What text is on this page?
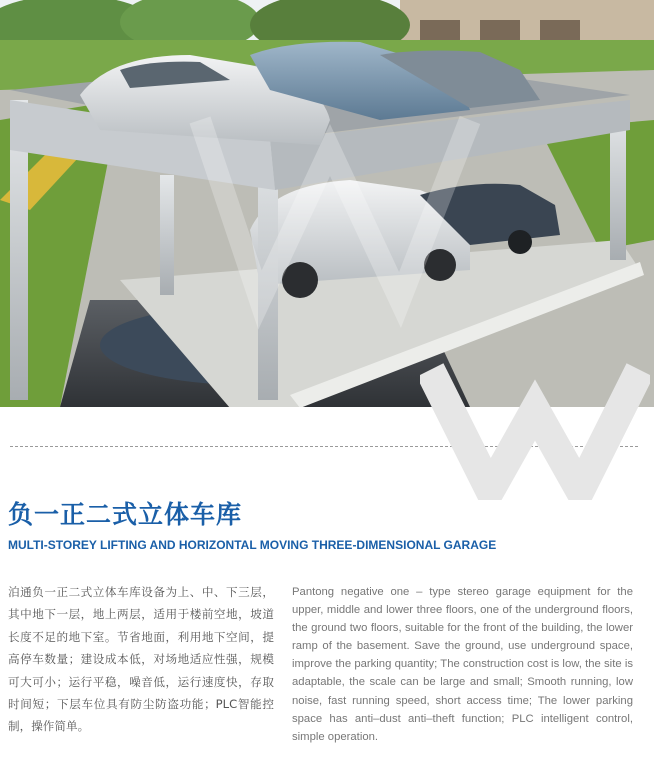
负一正二式立体车库
MULTI-STOREY LIFTING AND HORIZONTAL MOVING THREE-DIMENSIONAL GARAGE

泊通负一正二式立体车库设备为上、中、下三层，其中地下一层，地上两层，适用于楼前空地，坡道长度不足的地下室。节省地面，利用地下空间，提高停车数量；建设成本低，对场地适应性强，规模可大可小；运行平稳，噪音低，运行速度快，存取时间短；下层车位具有防尘防盗功能；PLC智能控制，操作简单。

Pantong negative one – type stereo garage equipment for the upper, middle and lower three floors, one of the underground floors, the ground two floors, suitable for the front of the building, the lower ramp of the basement. Save the ground, use underground space, improve the parking quantity; The construction cost is low, the site is adaptable, the scale can be large and small; Smooth running, low noise, fast running speed, short access time; The lower parking space has anti–dust anti–theft function; PLC intelligent control, simple operation.
